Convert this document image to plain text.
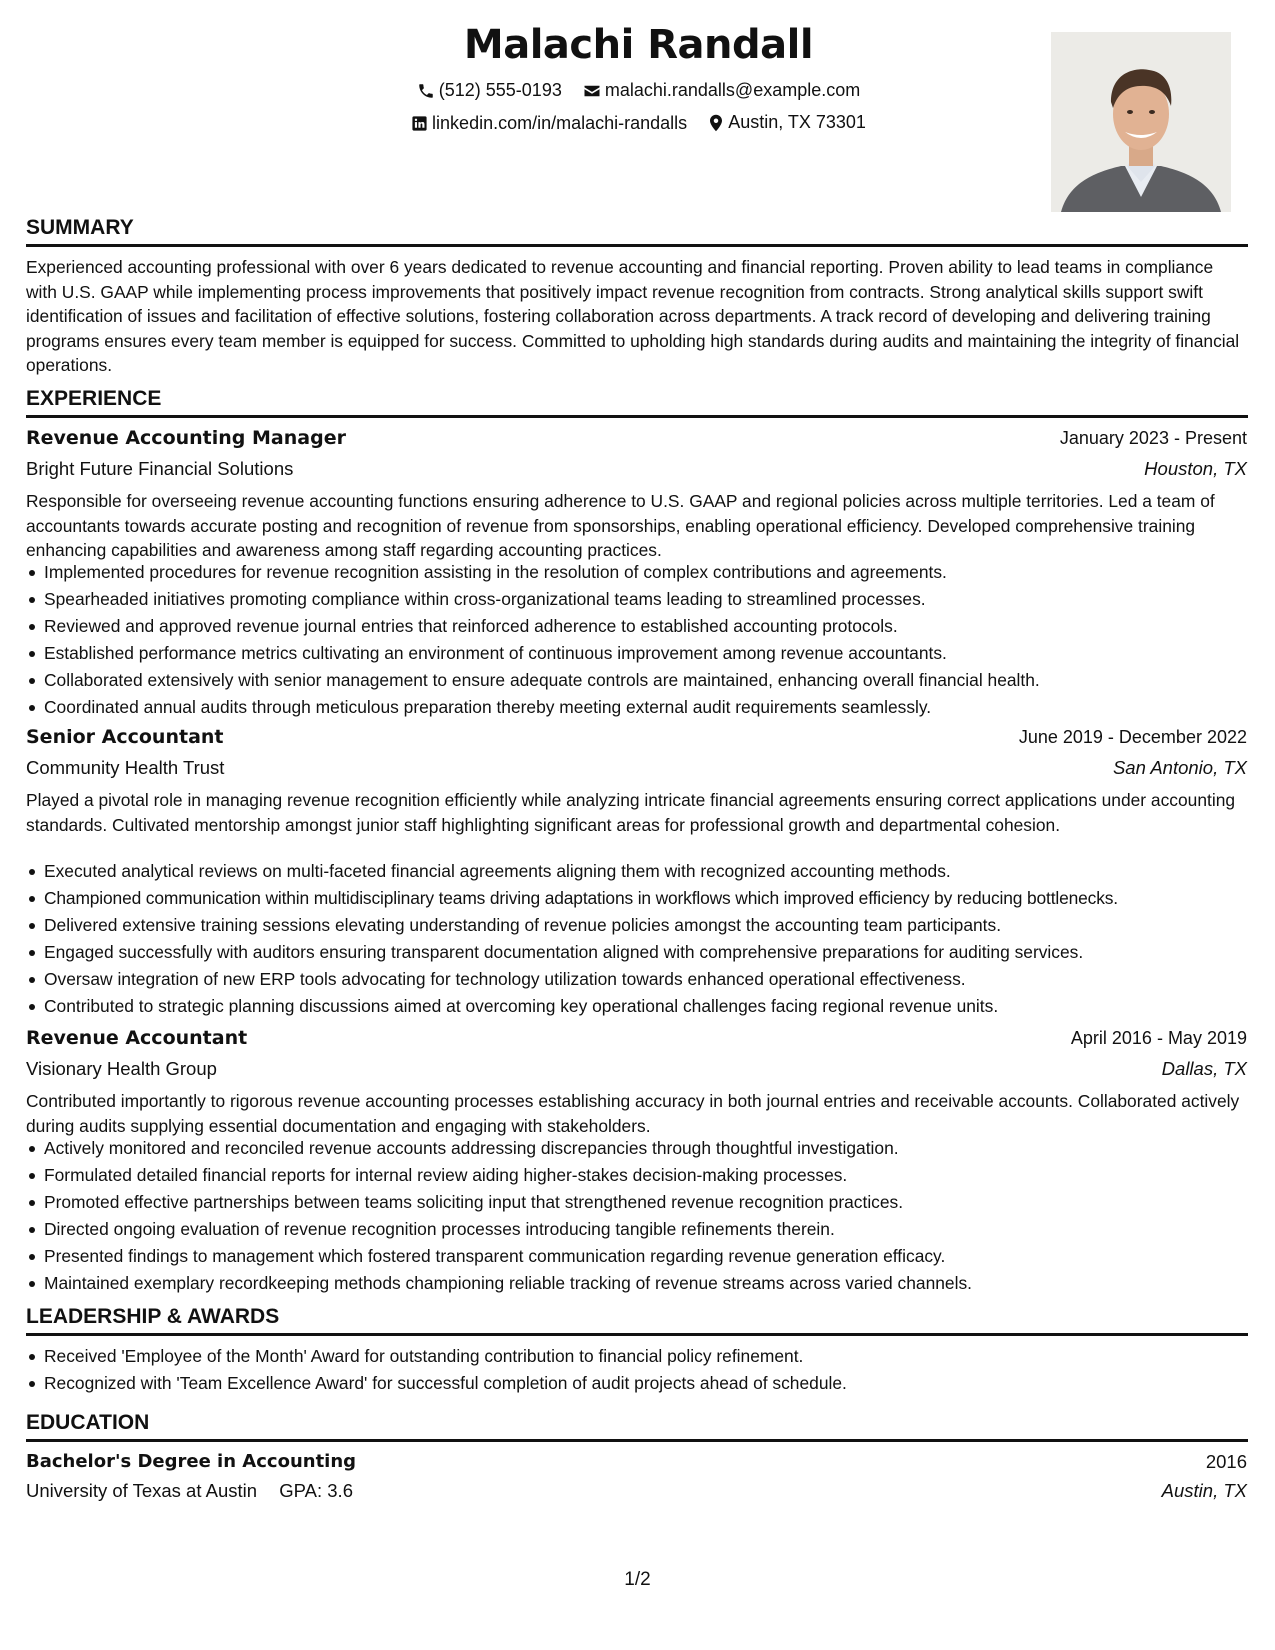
Malachi Randall
(512) 555-0193
malachi.randalls@example.com
linkedin.com/in/malachi-randalls
Austin, TX 73301
SUMMARY
Experienced accounting professional with over 6 years dedicated to revenue accounting and financial reporting. Proven ability to lead teams in compliance with U.S. GAAP while implementing process improvements that positively impact revenue recognition from contracts. Strong analytical skills support swift identification of issues and facilitation of effective solutions, fostering collaboration across departments. A track record of developing and delivering training programs ensures every team member is equipped for success. Committed to upholding high standards during audits and maintaining the integrity of financial operations.
EXPERIENCE
Revenue Accounting Manager	January 2023 - Present
Bright Future Financial Solutions	Houston, TX
Responsible for overseeing revenue accounting functions ensuring adherence to U.S. GAAP and regional policies across multiple territories. Led a team of accountants towards accurate posting and recognition of revenue from sponsorships, enabling operational efficiency. Developed comprehensive training enhancing capabilities and awareness among staff regarding accounting practices.
Implemented procedures for revenue recognition assisting in the resolution of complex contributions and agreements.
Spearheaded initiatives promoting compliance within cross-organizational teams leading to streamlined processes.
Reviewed and approved revenue journal entries that reinforced adherence to established accounting protocols.
Established performance metrics cultivating an environment of continuous improvement among revenue accountants.
Collaborated extensively with senior management to ensure adequate controls are maintained, enhancing overall financial health.
Coordinated annual audits through meticulous preparation thereby meeting external audit requirements seamlessly.
Senior Accountant	June 2019 - December 2022
Community Health Trust	San Antonio, TX
Played a pivotal role in managing revenue recognition efficiently while analyzing intricate financial agreements ensuring correct applications under accounting standards. Cultivated mentorship amongst junior staff highlighting significant areas for professional growth and departmental cohesion.
Executed analytical reviews on multi-faceted financial agreements aligning them with recognized accounting methods.
Championed communication within multidisciplinary teams driving adaptations in workflows which improved efficiency by reducing bottlenecks.
Delivered extensive training sessions elevating understanding of revenue policies amongst the accounting team participants.
Engaged successfully with auditors ensuring transparent documentation aligned with comprehensive preparations for auditing services.
Oversaw integration of new ERP tools advocating for technology utilization towards enhanced operational effectiveness.
Contributed to strategic planning discussions aimed at overcoming key operational challenges facing regional revenue units.
Revenue Accountant	April 2016 - May 2019
Visionary Health Group	Dallas, TX
Contributed importantly to rigorous revenue accounting processes establishing accuracy in both journal entries and receivable accounts. Collaborated actively during audits supplying essential documentation and engaging with stakeholders.
Actively monitored and reconciled revenue accounts addressing discrepancies through thoughtful investigation.
Formulated detailed financial reports for internal review aiding higher-stakes decision-making processes.
Promoted effective partnerships between teams soliciting input that strengthened revenue recognition practices.
Directed ongoing evaluation of revenue recognition processes introducing tangible refinements therein.
Presented findings to management which fostered transparent communication regarding revenue generation efficacy.
Maintained exemplary recordkeeping methods championing reliable tracking of revenue streams across varied channels.
LEADERSHIP & AWARDS
Received 'Employee of the Month' Award for outstanding contribution to financial policy refinement.
Recognized with 'Team Excellence Award' for successful completion of audit projects ahead of schedule.
EDUCATION
Bachelor's Degree in Accounting	2016
University of Texas at Austin GPA: 3.6	Austin, TX
1/2
